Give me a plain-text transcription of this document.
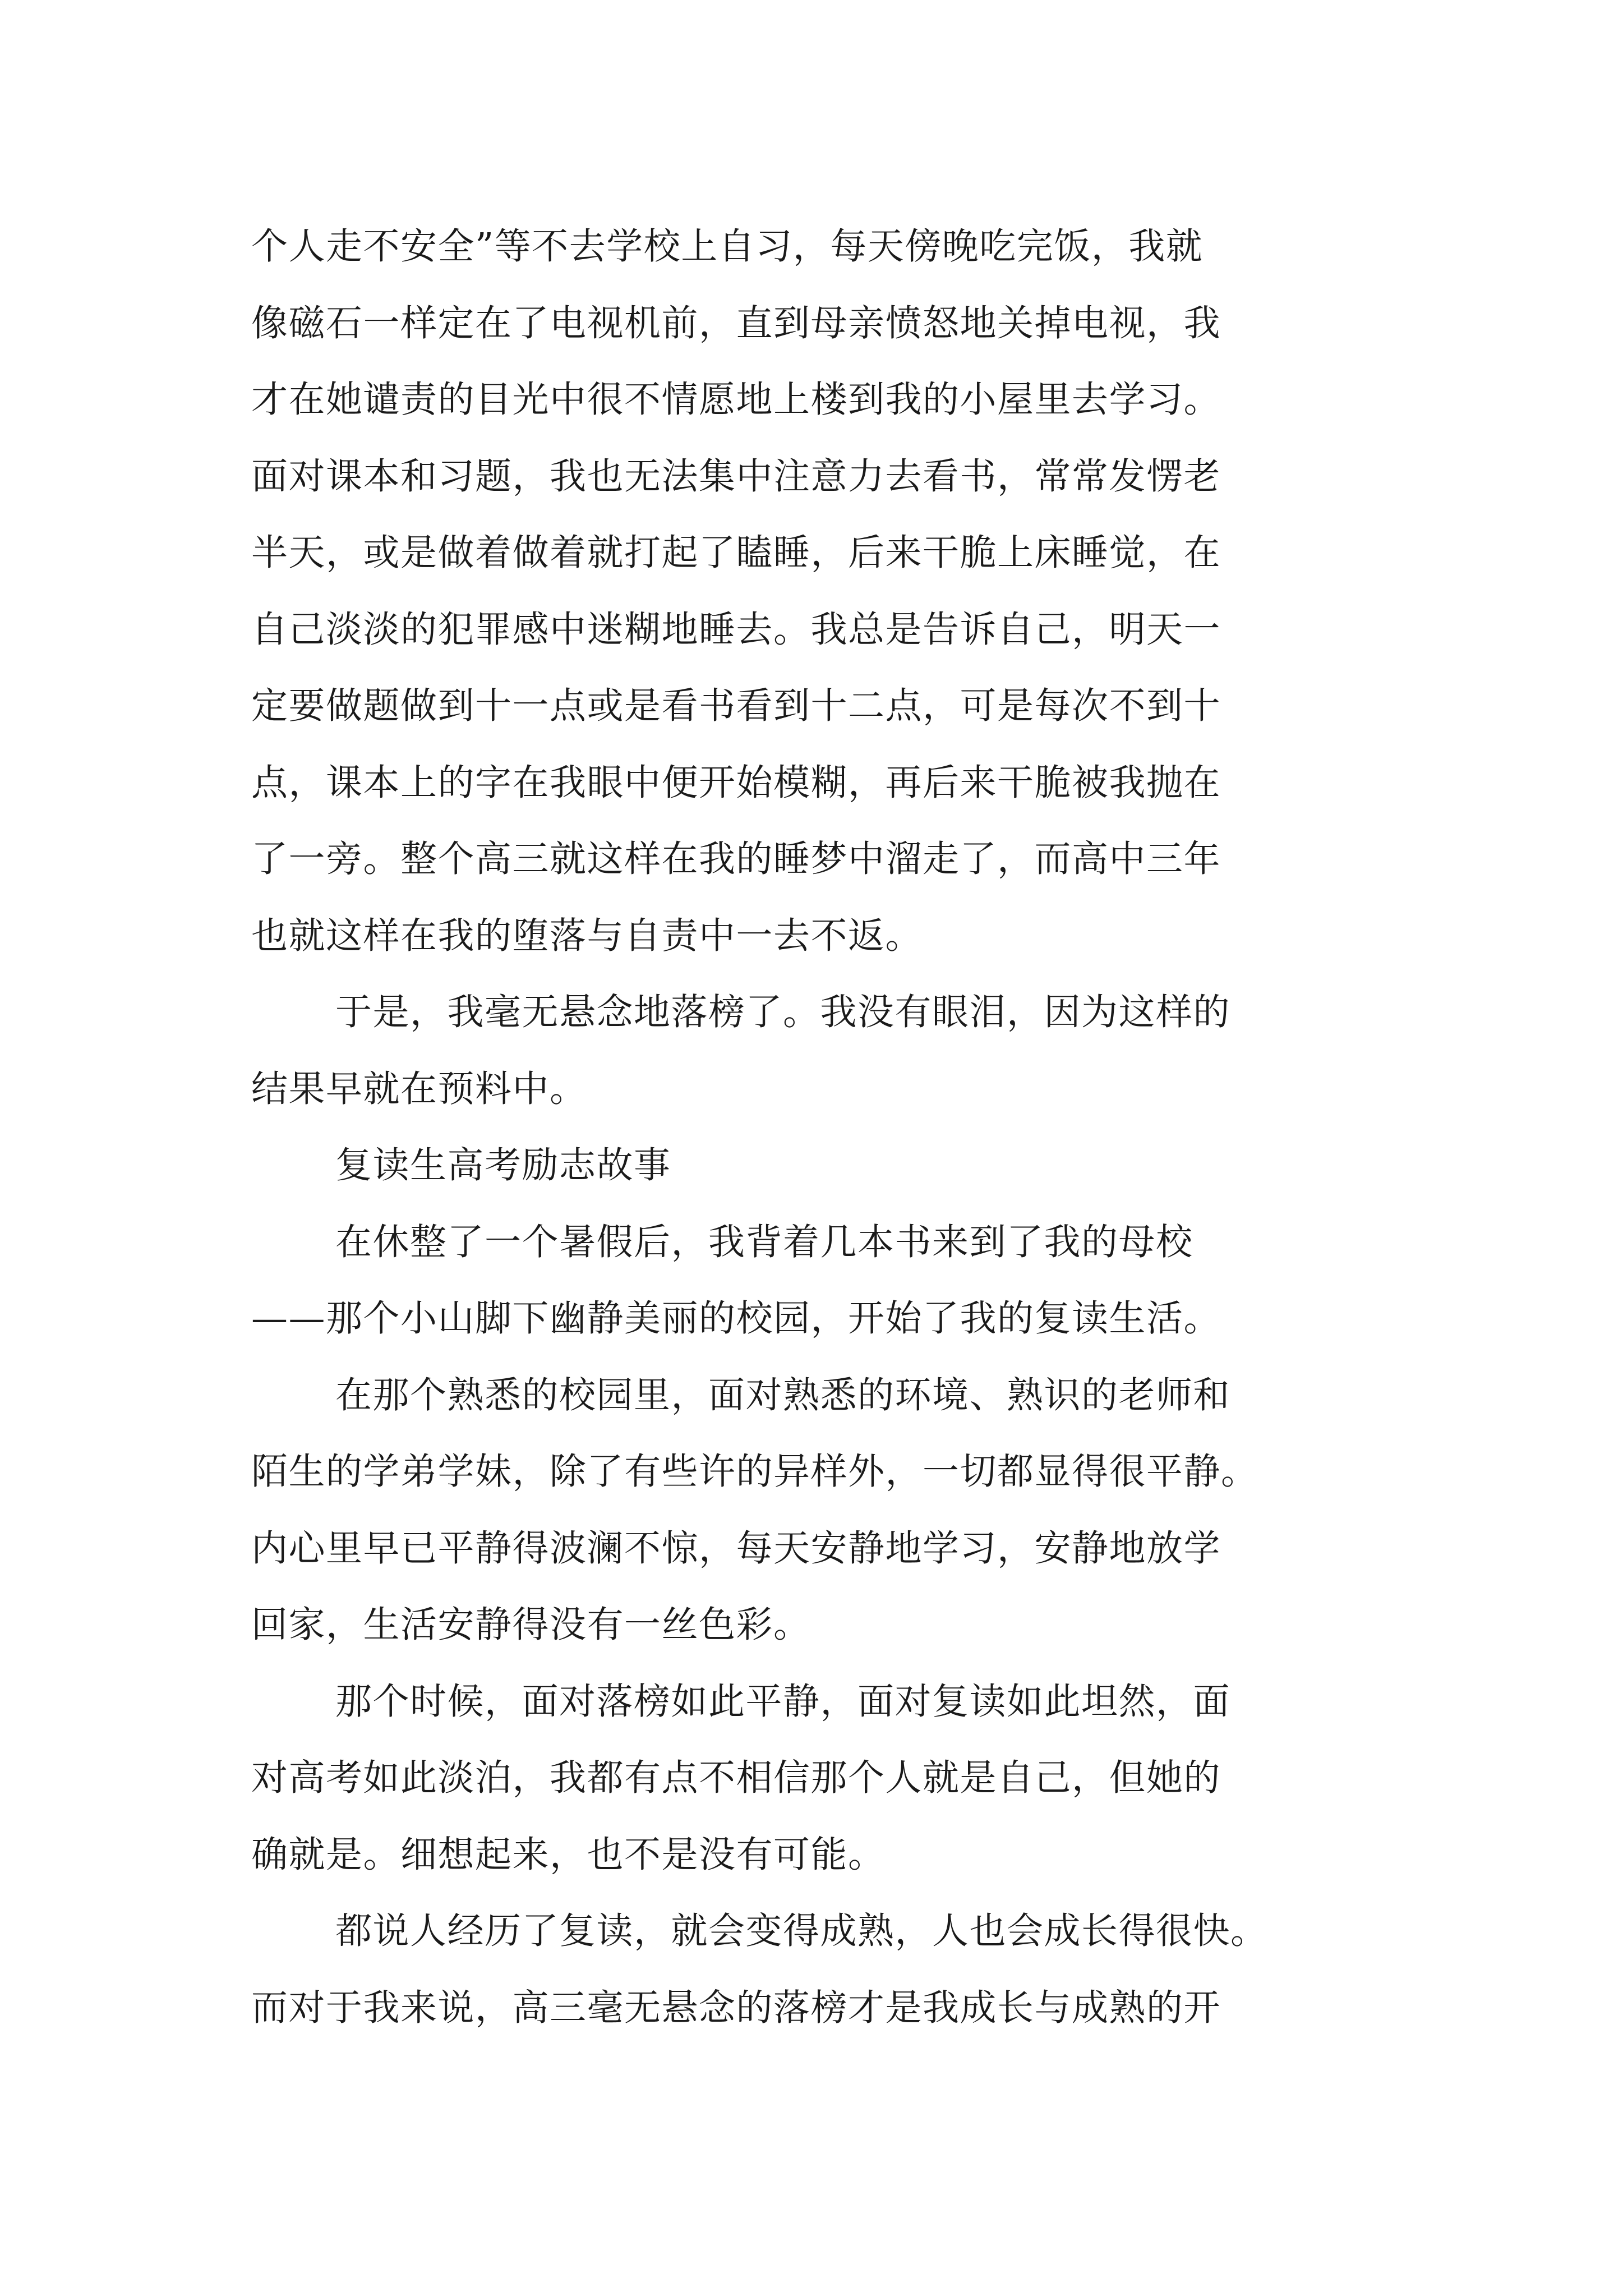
个人走不安全”等不去学校上自习，每天傍晚吃完饭，我就
像磁石一样定在了电视机前，直到母亲愤怒地关掉电视，我
才在她谴责的目光中很不情愿地上楼到我的小屋里去学习。
面对课本和习题，我也无法集中注意力去看书，常常发愣老
半天，或是做着做着就打起了瞌睡，后来干脆上床睡觉，在
自己淡淡的犯罪感中迷糊地睡去。我总是告诉自己，明天一
定要做题做到十一点或是看书看到十二点，可是每次不到十
点，课本上的字在我眼中便开始模糊，再后来干脆被我抛在
了一旁。整个高三就这样在我的睡梦中溜走了，而高中三年
也就这样在我的堕落与自责中一去不返。
于是，我毫无悬念地落榜了。我没有眼泪，因为这样的
结果早就在预料中。
复读生高考励志故事
在休整了一个暑假后，我背着几本书来到了我的母校
——那个小山脚下幽静美丽的校园，开始了我的复读生活。
在那个熟悉的校园里，面对熟悉的环境、熟识的老师和
陌生的学弟学妹，除了有些许的异样外，一切都显得很平静。
内心里早已平静得波澜不惊，每天安静地学习，安静地放学
回家，生活安静得没有一丝色彩。
那个时候，面对落榜如此平静，面对复读如此坦然，面
对高考如此淡泊，我都有点不相信那个人就是自己，但她的
确就是。细想起来，也不是没有可能。
都说人经历了复读，就会变得成熟，人也会成长得很快。
而对于我来说，高三毫无悬念的落榜才是我成长与成熟的开
